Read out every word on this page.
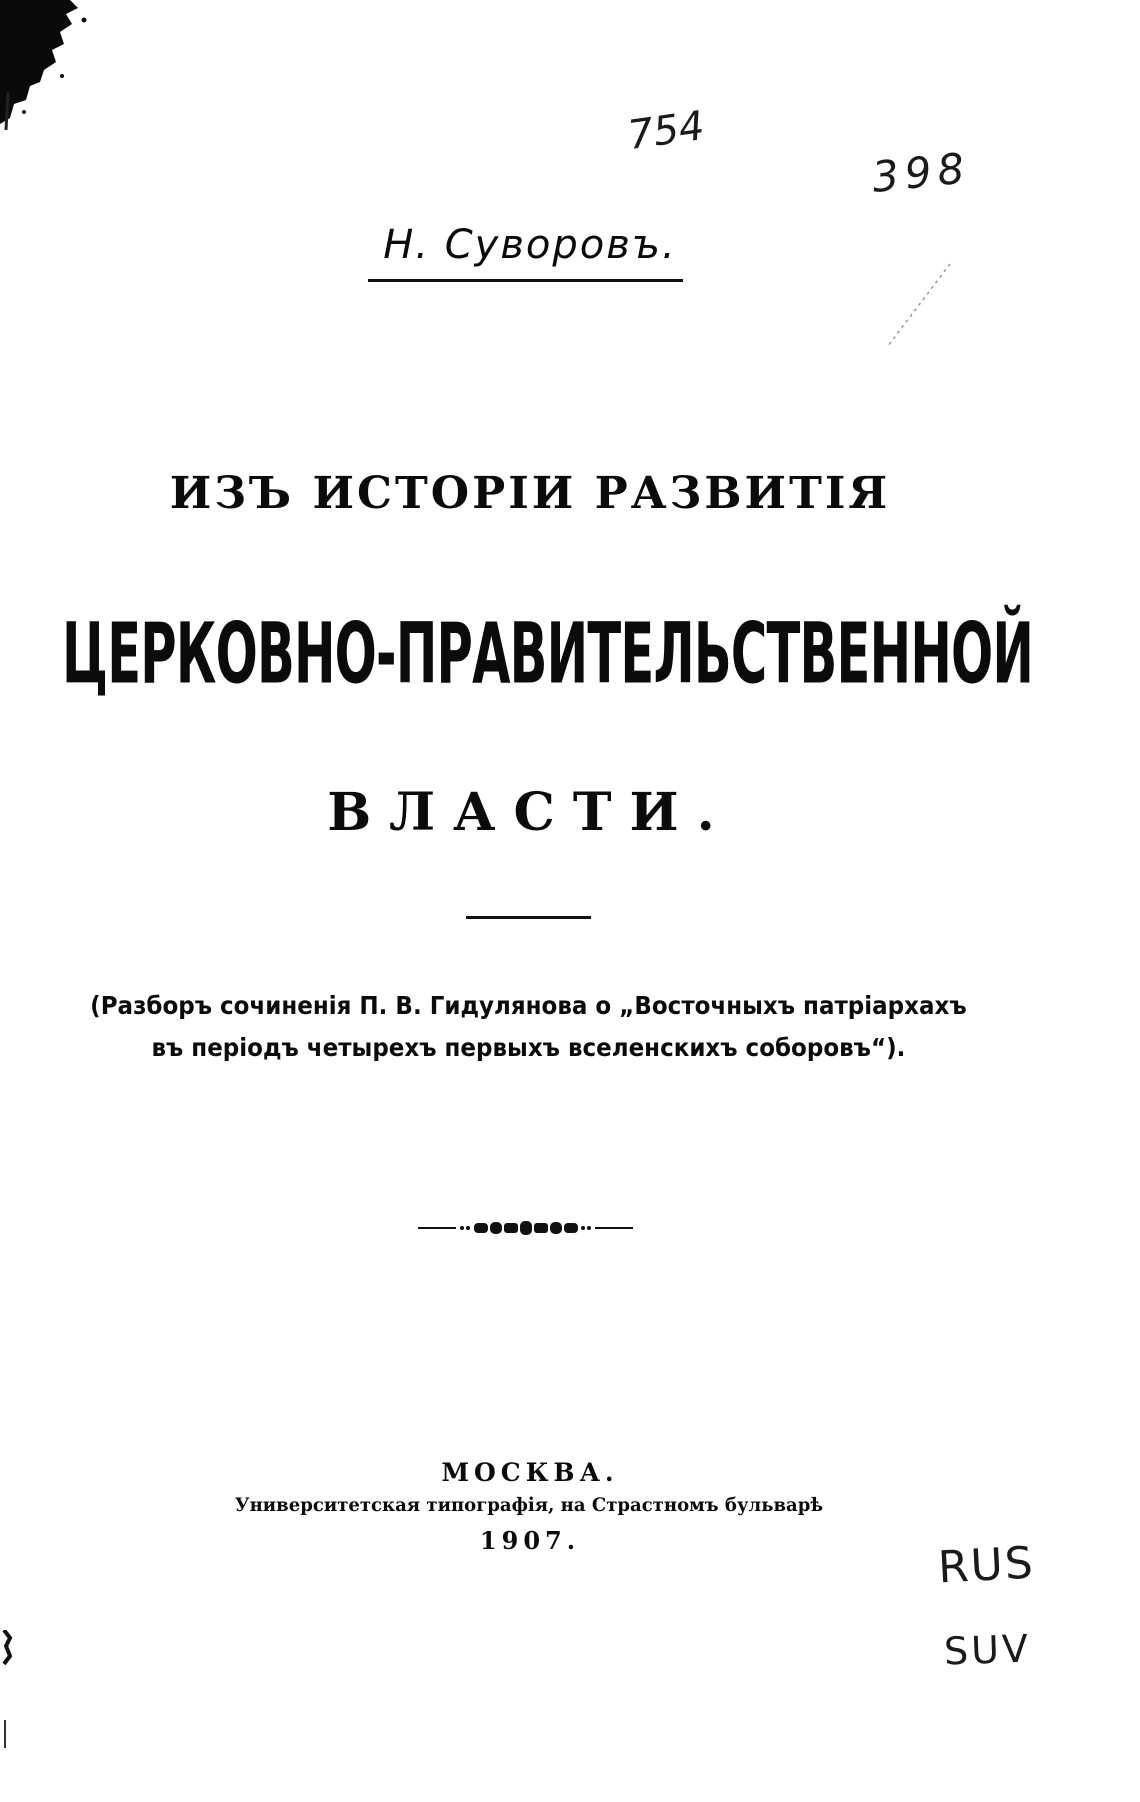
754
398
RUS
SUV
Н. Суворовъ.
ИЗЪ ИСТОРІИ РАЗВИТІЯ
ЦЕРКОВНО-ПРАВИТЕЛЬСТВЕННОЙ
ВЛАСТИ.
(Разборъ сочиненія П. В. Гидулянова о „Восточныхъ патріархахъ
въ періодъ четырехъ первыхъ вселенскихъ соборовъ“).
МОСКВА.
Университетская типографія, на Страстномъ бульварѣ
1907.
